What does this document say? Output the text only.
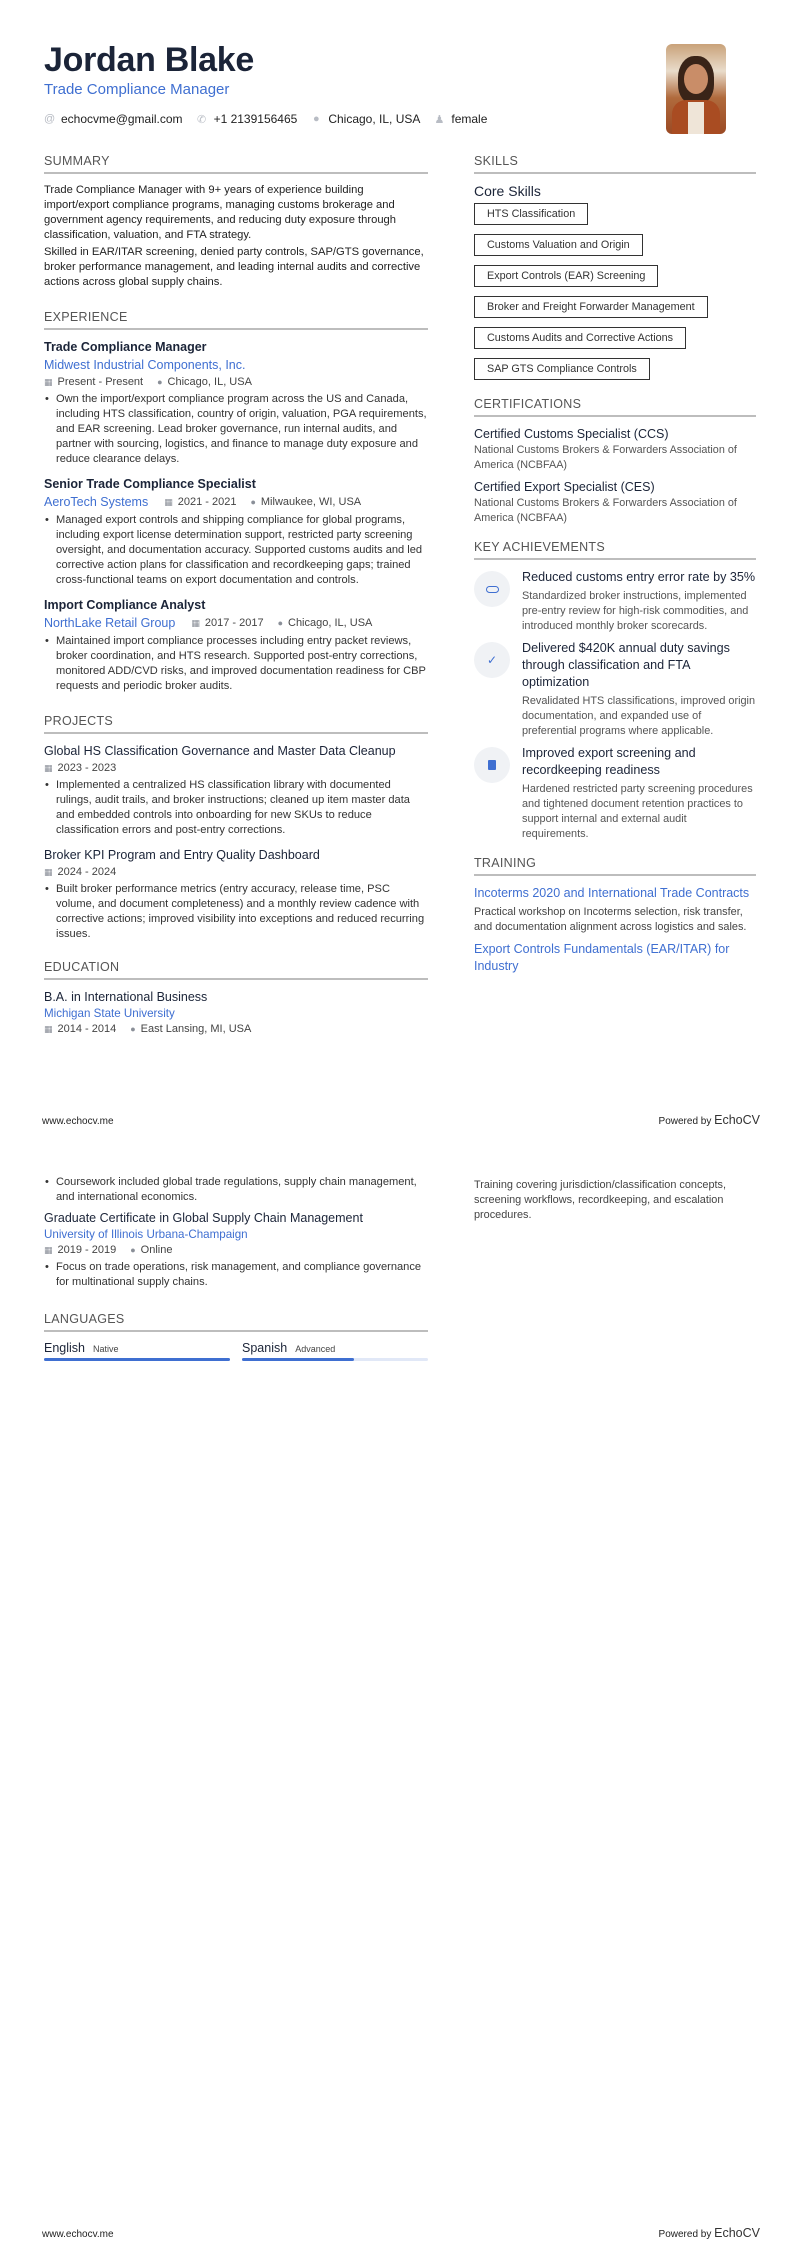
Jordan Blake
Trade Compliance Manager
@ echocvme@gmail.com ✆ +1 2139156465 ● Chicago, IL, USA ♟ female
SUMMARY

Trade Compliance Manager with 9+ years of experience building import/export compliance programs, managing customs brokerage and government agency requirements, and reducing duty exposure through classification, valuation, and FTA strategy.

Skilled in EAR/ITAR screening, denied party controls, SAP/GTS governance, broker performance management, and leading internal audits and corrective actions across global supply chains.

EXPERIENCE
Trade Compliance Manager
Midwest Industrial Components, Inc.
▦ Present - Present ● Chicago, IL, USA
• Own the import/export compliance program across the US and Canada, including HTS classification, country of origin, valuation, PGA requirements, and EAR screening. Lead broker governance, run internal audits, and partner with sourcing, logistics, and finance to manage duty exposure and reduce clearance delays.
Senior Trade Compliance Specialist
AeroTech Systems ▦ 2021 - 2021 ● Milwaukee, WI, USA
• Managed export controls and shipping compliance for global programs, including export license determination support, restricted party screening oversight, and documentation accuracy. Supported customs audits and led corrective action plans for classification and recordkeeping gaps; trained cross-functional teams on export documentation and controls.
Import Compliance Analyst
NorthLake Retail Group ▦ 2017 - 2017 ● Chicago, IL, USA
• Maintained import compliance processes including entry packet reviews, broker coordination, and HTS research. Supported post-entry corrections, monitored ADD/CVD risks, and improved documentation readiness for CBP requests and periodic broker audits.
PROJECTS
Global HS Classification Governance and Master Data Cleanup
▦ 2023 - 2023
• Implemented a centralized HS classification library with documented rulings, audit trails, and broker instructions; cleaned up item master data and embedded controls into onboarding for new SKUs to reduce classification errors and post-entry corrections.
Broker KPI Program and Entry Quality Dashboard
▦ 2024 - 2024
• Built broker performance metrics (entry accuracy, release time, PSC volume, and document completeness) and a monthly review cadence with corrective actions; improved visibility into exceptions and reduced recurring issues.
EDUCATION
B.A. in International Business
Michigan State University
▦ 2014 - 2014 ● East Lansing, MI, USA
SKILLS
Core Skills
HTS Classification
Customs Valuation and Origin
Export Controls (EAR) Screening
Broker and Freight Forwarder Management
Customs Audits and Corrective Actions
SAP GTS Compliance Controls
CERTIFICATIONS
Certified Customs Specialist (CCS)
National Customs Brokers & Forwarders Association of America (NCBFAA)
Certified Export Specialist (CES)
National Customs Brokers & Forwarders Association of America (NCBFAA)
KEY ACHIEVEMENTS
Reduced customs entry error rate by 35%
Standardized broker instructions, implemented pre-entry review for high-risk commodities, and introduced monthly broker scorecards.
✓
Delivered $420K annual duty savings through classification and FTA optimization
Revalidated HTS classifications, improved origin documentation, and expanded use of preferential programs where applicable.
Improved export screening and recordkeeping readiness
Hardened restricted party screening procedures and tightened document retention practices to support internal and external audit requirements.
TRAINING
Incoterms 2020 and International Trade Contracts
Practical workshop on Incoterms selection, risk transfer, and documentation alignment across logistics and sales.
Export Controls Fundamentals (EAR/ITAR) for Industry
www.echocv.me	Powered by EchoCV
• Coursework included global trade regulations, supply chain management, and international economics.
Graduate Certificate in Global Supply Chain Management
University of Illinois Urbana-Champaign
▦ 2019 - 2019 ● Online
• Focus on trade operations, risk management, and compliance governance for multinational supply chains.
LANGUAGES
English Native	Spanish Advanced
Training covering jurisdiction/classification concepts, screening workflows, recordkeeping, and escalation procedures.
www.echocv.me	Powered by EchoCV
